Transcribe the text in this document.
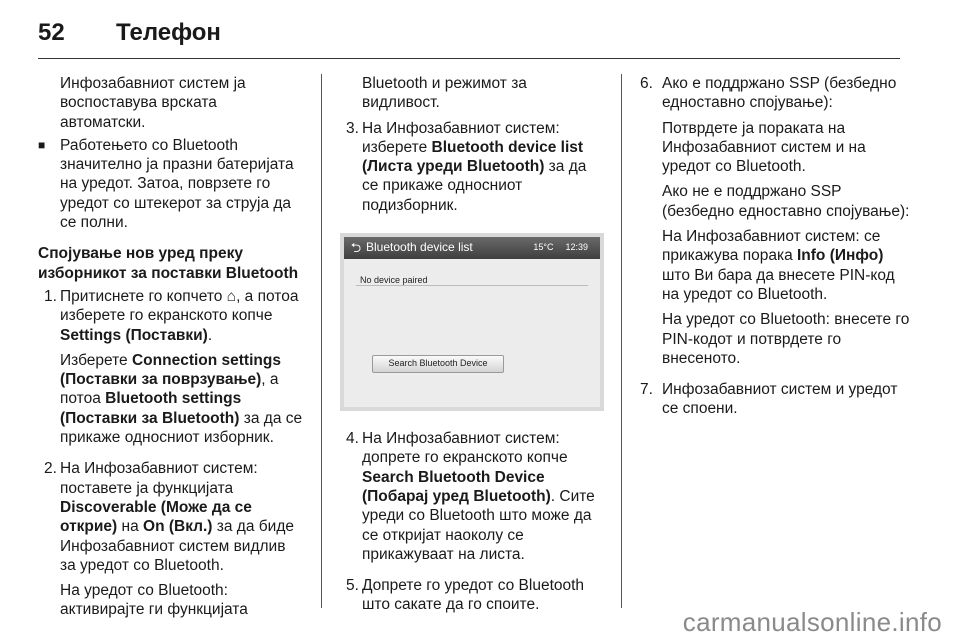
52	Телефон

Инфозабавниот систем ја воспоставува врската автоматски.

■ Работењето со Bluetooth значително ја празни батеријата на уредот. Затоа, поврзете го уредот со штекерот за струја да се полни.

Спојување нов уред преку изборникот за поставки Bluetooth

1. Притиснете го копчето ⌂, а потоа изберете го екранското копче Settings (Поставки).

Изберете Connection settings (Поставки за поврзување), а потоа Bluetooth settings (Поставки за Bluetooth) за да се прикаже односниот изборник.

2. На Инфозабавниот систем: поставете ја функцијата Discoverable (Може да се открие) на On (Вкл.) за да биде Инфозабавниот систем видлив за уредот со Bluetooth.

На уредот со Bluetooth: активирајте ги функцијата

Bluetooth и режимот за видливост.

3. На Инфозабавниот систем: изберете Bluetooth device list (Листа уреди Bluetooth) за да се прикаже односниот подизборник.

⮌ Bluetooth device list	15°C 12:39
No device paired
Search Bluetooth Device
4. На Инфозабавниот систем: допрете го екранското копче Search Bluetooth Device (Побарај уред Bluetooth). Сите уреди со Bluetooth што може да се откријат наоколу се прикажуваат на листа.

5. Допрете го уредот со Bluetooth што сакате да го споите.

6. Ако е поддржано SSP (безбедно едноставно спојување):

Потврдете ја пораката на Инфозабавниот систем и на уредот со Bluetooth.

Ако не е поддржано SSP (безбедно едноставно спојување):

На Инфозабавниот систем: се прикажува порака Info (Инфо) што Ви бара да внесете PIN-код на уредот со Bluetooth.

На уредот со Bluetooth: внесете го PIN-кодот и потврдете го внесеното.

7. Инфозабавниот систем и уредот се споени.

carmanualsonline.info
